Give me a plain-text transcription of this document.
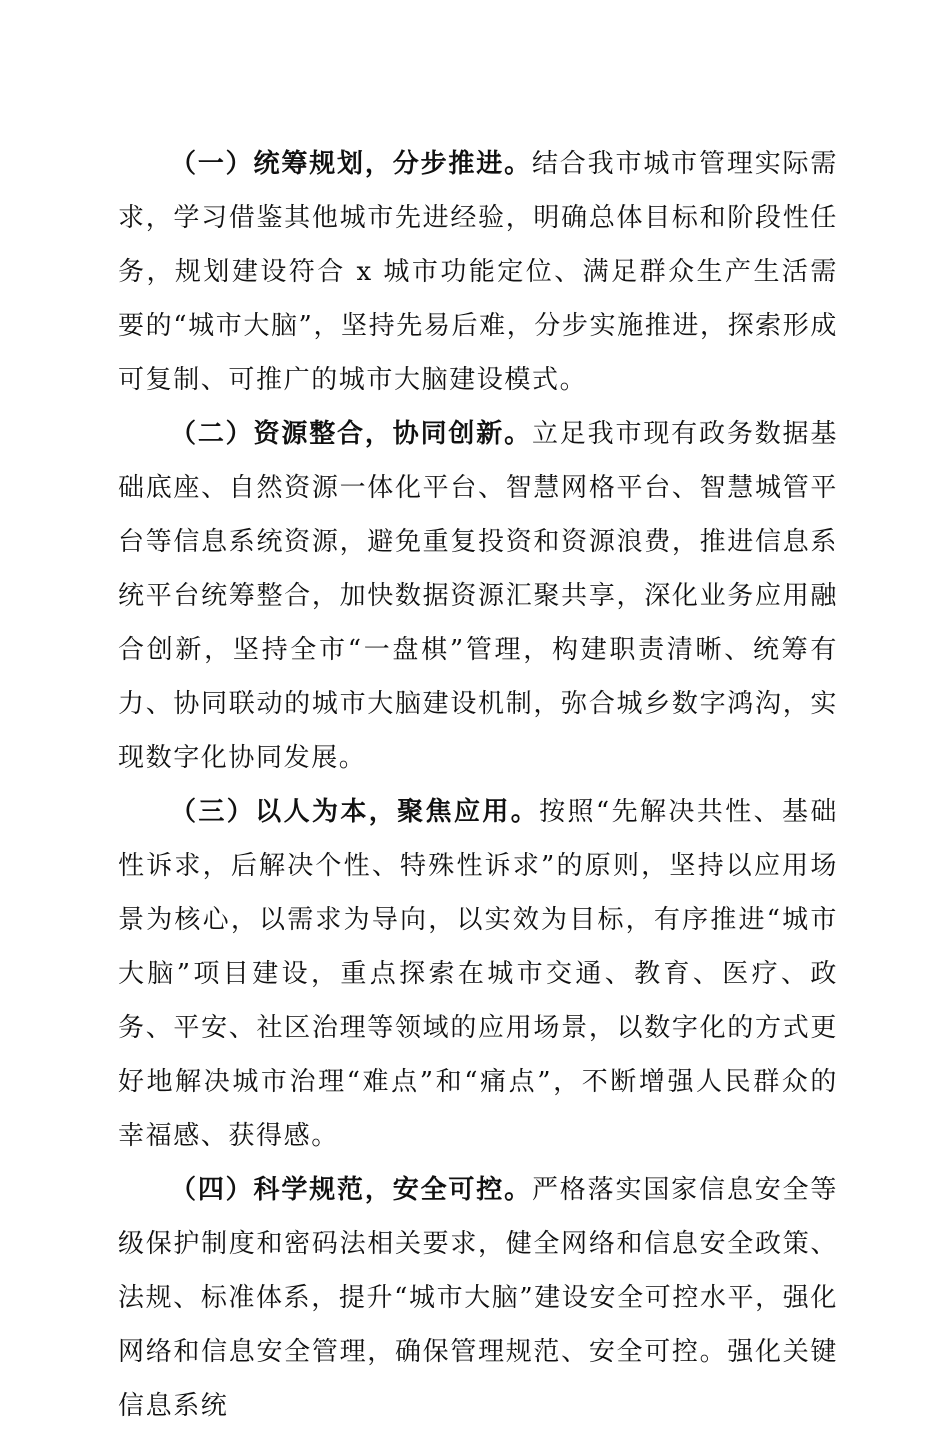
（一）统筹规划，分步推进。结合我市城市管理实际需求，学习借鉴其他城市先进经验，明确总体目标和阶段性任务，规划建设符合 x 城市功能定位、满足群众生产生活需要的“城市大脑”，坚持先易后难，分步实施推进，探索形成可复制、可推广的城市大脑建设模式。

（二）资源整合，协同创新。立足我市现有政务数据基础底座、自然资源一体化平台、智慧网格平台、智慧城管平台等信息系统资源，避免重复投资和资源浪费，推进信息系统平台统筹整合，加快数据资源汇聚共享，深化业务应用融合创新，坚持全市“一盘棋”管理，构建职责清晰、统筹有力、协同联动的城市大脑建设机制，弥合城乡数字鸿沟，实现数字化协同发展。

（三）以人为本，聚焦应用。按照“先解决共性、基础性诉求，后解决个性、特殊性诉求”的原则，坚持以应用场景为核心，以需求为导向，以实效为目标，有序推进“城市大脑”项目建设，重点探索在城市交通、教育、医疗、政务、平安、社区治理等领域的应用场景，以数字化的方式更好地解决城市治理“难点”和“痛点”，不断增强人民群众的幸福感、获得感。

（四）科学规范，安全可控。严格落实国家信息安全等级保护制度和密码法相关要求，健全网络和信息安全政策、法规、标准体系，提升“城市大脑”建设安全可控水平，强化网络和信息安全管理，确保管理规范、安全可控。强化关键信息系统
